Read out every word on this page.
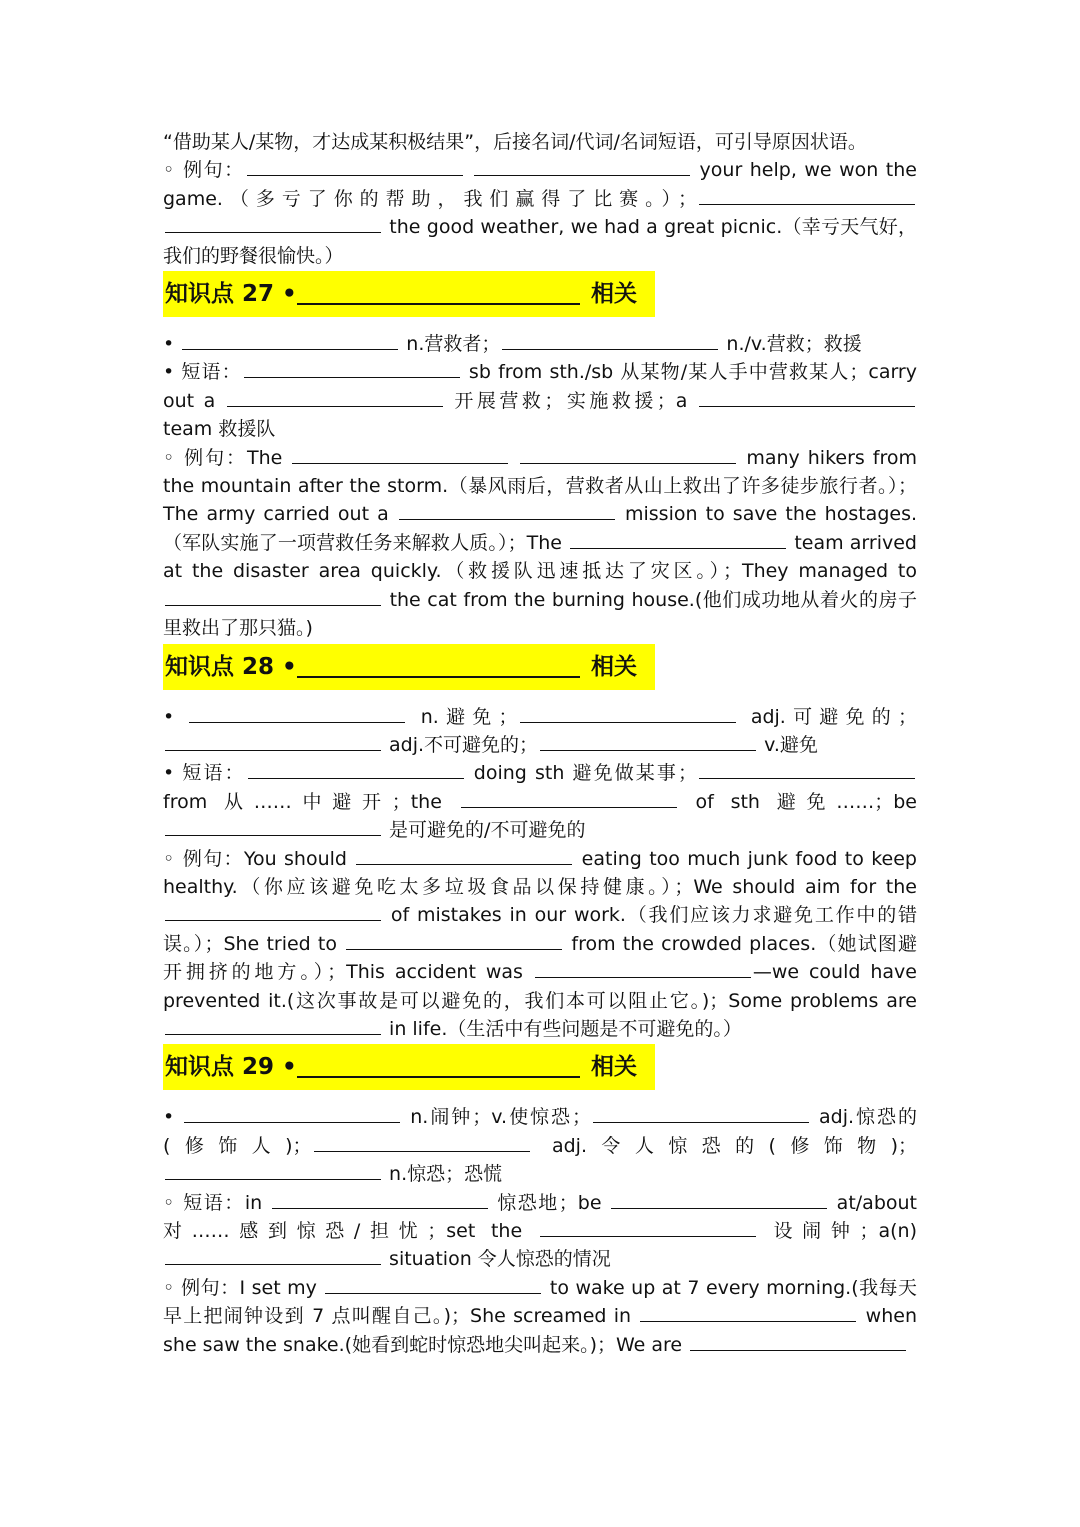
“借助某人/某物，才达成某积极结果”，后接名词/代词/名词短语，可引导原因状语。

◦ 例句：	your help, we won the game.（多亏了你的帮助，我们赢得了比赛。）；  the good weather, we had a great picnic.（幸亏天气好，我们的野餐很愉快。）

知识点 27 •	相关

•	n.营救者；	n./v.营救；救援

• 短语：	sb from sth./sb 从某物/某人手中营救某人；carry out a	开展营救；实施救援；a  team 救援队

◦ 例句：The	many hikers from the mountain after the storm.（暴风雨后，营救者从山上救出了许多徒步旅行者。）；The army carried out a	mission to save the hostages.（军队实施了一项营救任务来解救人质。）；The	team arrived at the disaster area quickly.（救援队迅速抵达了灾区。）；They managed to  the cat from the burning house.(他们成功地从着火的房子里救出了那只猫。)

知识点 28 •	相关

•	n.避免；	adj.可避免的； adj.不可避免的；	v.避免

• 短语：	doing sth 避免做某事； from 从……中避开；the	of sth 避免……；be  是可避免的/不可避免的

◦ 例句：You should	eating too much junk food to keep healthy.（你应该避免吃太多垃圾食品以保持健康。）；We should aim for the  of mistakes in our work.（我们应该力求避免工作中的错误。）；She tried to	from the crowded places.（她试图避开拥挤的地方。）；This accident was	—we could have prevented it.(这次事故是可以避免的，我们本可以阻止它。)；Some problems are  in life.（生活中有些问题是不可避免的。）

知识点 29 •	相关

•	n.闹钟；v.使惊恐；	adj.惊恐的(修饰人)；	adj.令人惊恐的(修饰物)； n.惊恐；恐慌

◦ 短语：in	惊恐地；be	at/about 对……感到惊恐/担忧；set the	设闹钟；a(n)  situation 令人惊恐的情况

◦ 例句：I set my	to wake up at 7 every morning.(我每天早上把闹钟设到 7 点叫醒自己。)；She screamed in	when she saw the snake.(她看到蛇时惊恐地尖叫起来。)；We are
